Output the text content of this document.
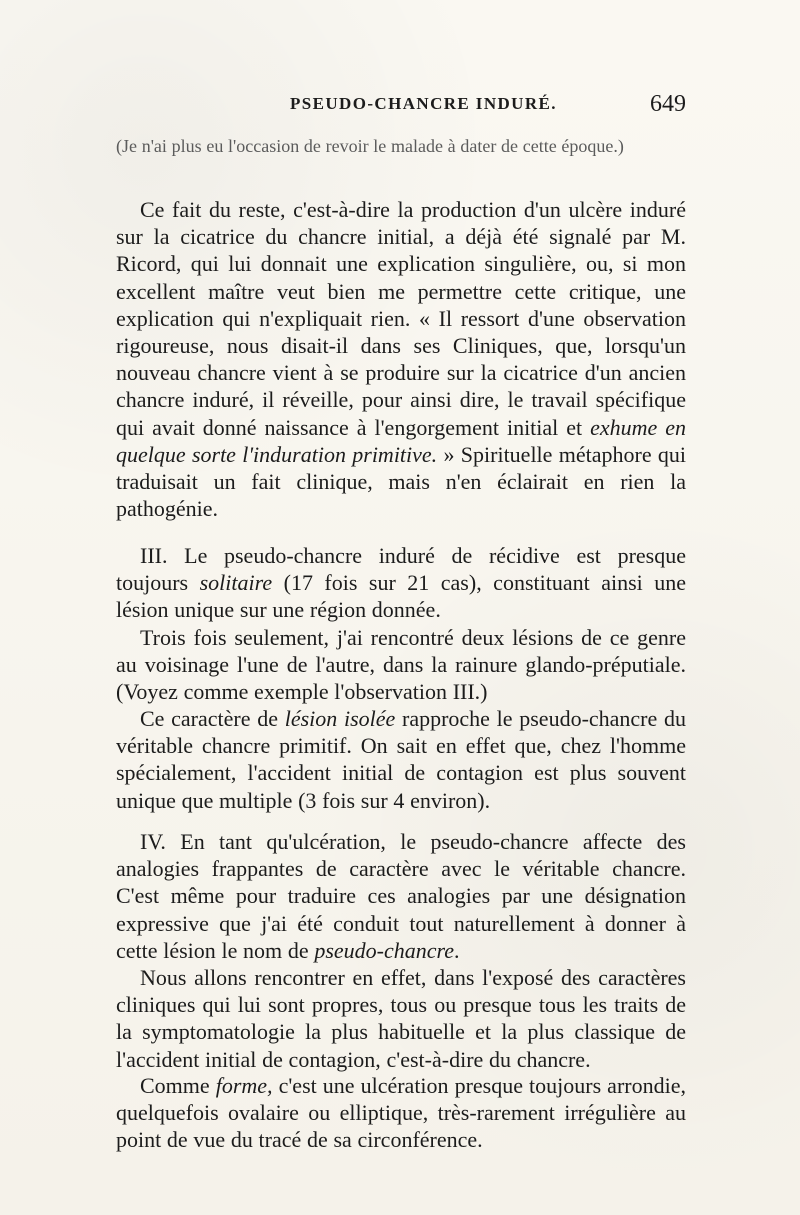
PSEUDO-CHANCRE INDURÉ.	649
(Je n'ai plus eu l'occasion de revoir le malade à dater de cette époque.)
Ce fait du reste, c'est-à-dire la production d'un ulcère induré sur la cicatrice du chancre initial, a déjà été signalé par M. Ricord, qui lui donnait une explication singulière, ou, si mon excellent maître veut bien me permettre cette critique, une explication qui n'expliquait rien. « Il ressort d'une observation rigoureuse, nous disait-il dans ses Cliniques, que, lorsqu'un nouveau chancre vient à se produire sur la cicatrice d'un ancien chancre induré, il réveille, pour ainsi dire, le travail spécifique qui avait donné naissance à l'engorgement initial et exhume en quelque sorte l'induration primitive. » Spirituelle métaphore qui traduisait un fait clinique, mais n'en éclairait en rien la pathogénie.
III. Le pseudo-chancre induré de récidive est presque toujours solitaire (17 fois sur 21 cas), constituant ainsi une lésion unique sur une région donnée.
Trois fois seulement, j'ai rencontré deux lésions de ce genre au voisinage l'une de l'autre, dans la rainure glando-préputiale. (Voyez comme exemple l'observation III.)
Ce caractère de lésion isolée rapproche le pseudo-chancre du véritable chancre primitif. On sait en effet que, chez l'homme spécialement, l'accident initial de contagion est plus souvent unique que multiple (3 fois sur 4 environ).
IV. En tant qu'ulcération, le pseudo-chancre affecte des analogies frappantes de caractère avec le véritable chancre. C'est même pour traduire ces analogies par une désignation expressive que j'ai été conduit tout naturellement à donner à cette lésion le nom de pseudo-chancre.
Nous allons rencontrer en effet, dans l'exposé des caractères cliniques qui lui sont propres, tous ou presque tous les traits de la symptomatologie la plus habituelle et la plus classique de l'accident initial de contagion, c'est-à-dire du chancre.
Comme forme, c'est une ulcération presque toujours arrondie, quelquefois ovalaire ou elliptique, très-rarement irrégulière au point de vue du tracé de sa circonférence.
